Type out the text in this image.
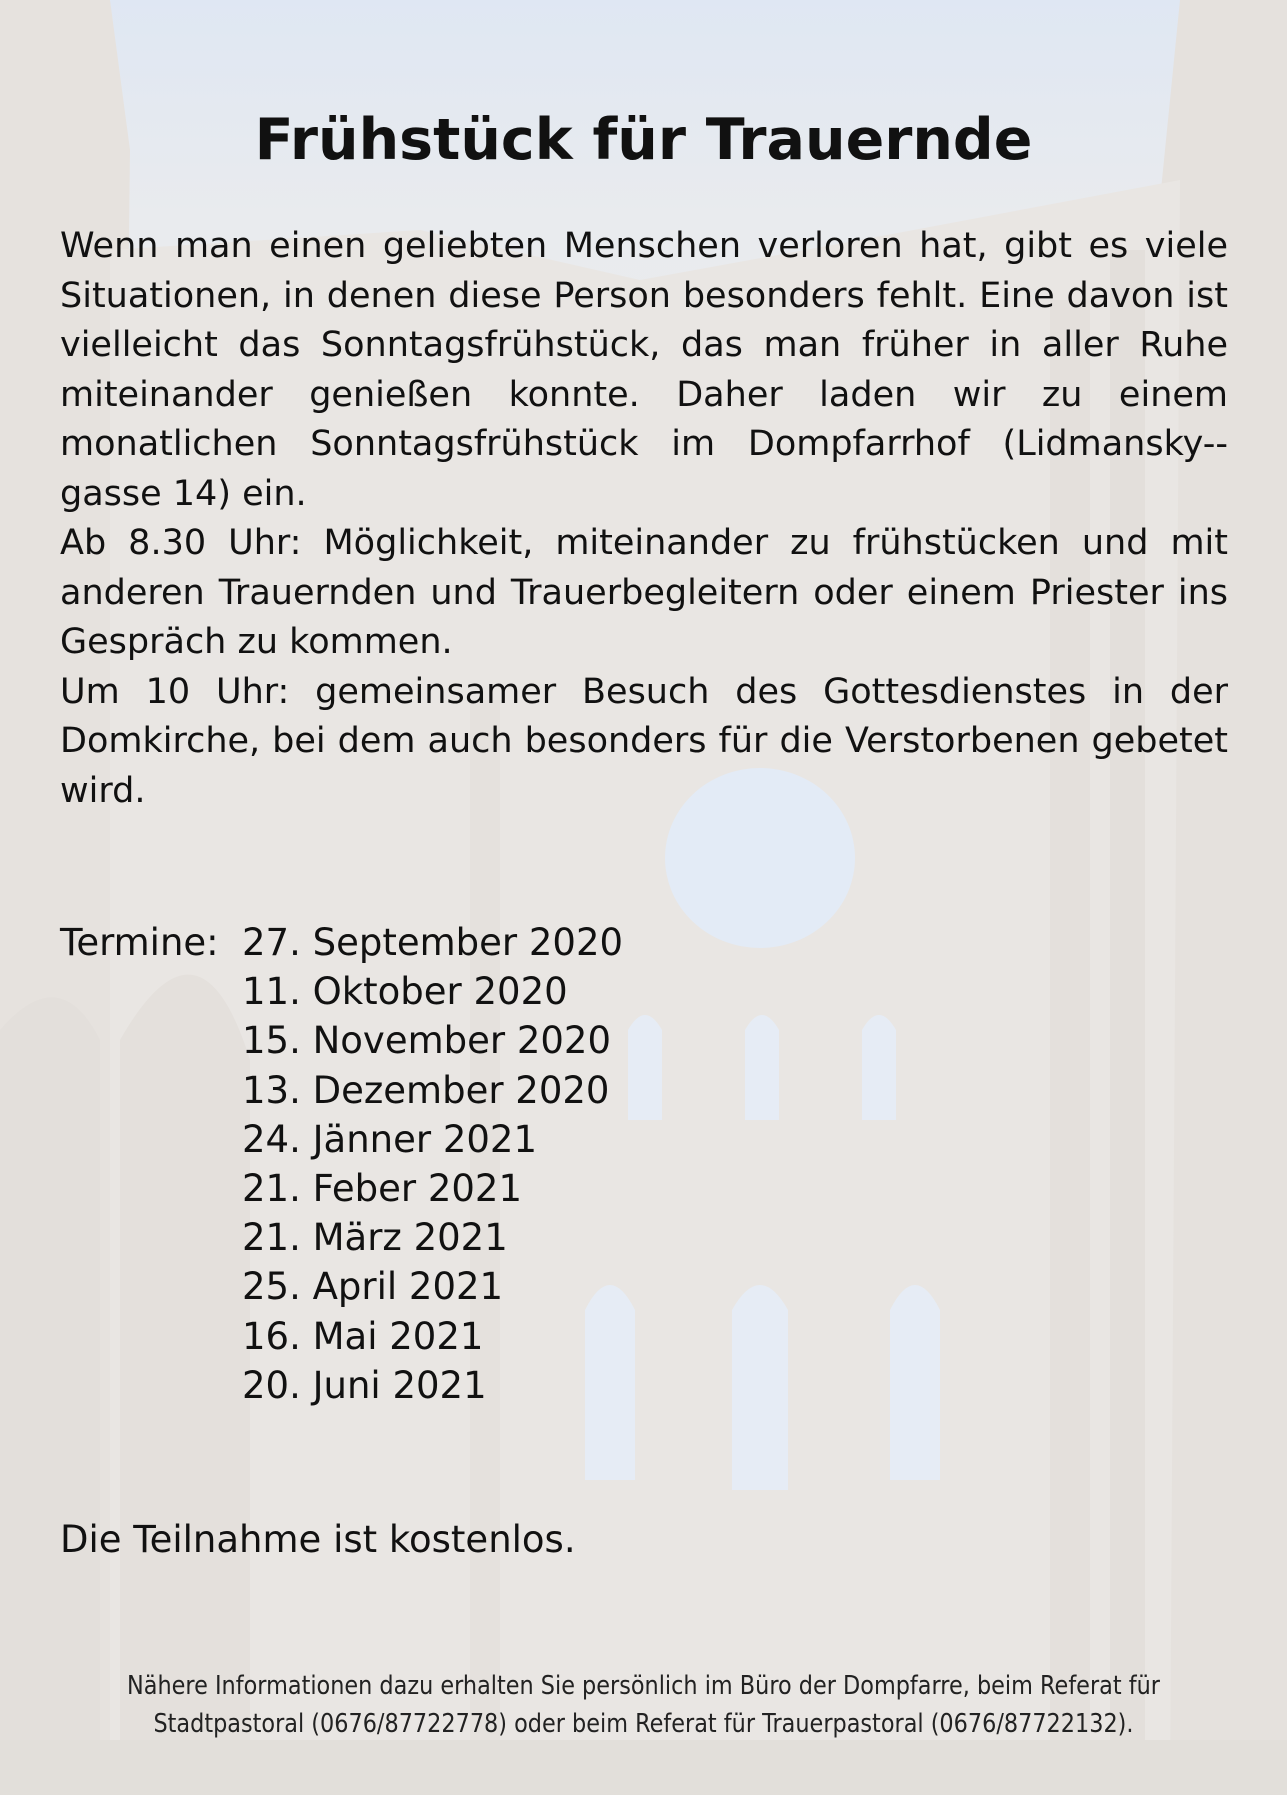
Frühstück für Trauernde

Wenn man einen geliebten Menschen verloren hat, gibt es viele Situationen, in denen diese Person besonders fehlt. Eine davon ist vielleicht das Sonntagsfrühstück, das man früher in aller Ruhe miteinander genießen konnte. Daher laden wir zu einem monatlichen Sonntagsfrühstück im Dompfarrhof (Lidmansky-gasse 14) ein.

Ab 8.30 Uhr: Möglichkeit, miteinander zu frühstücken und mit anderen Trauernden und Trauerbegleitern oder einem Priester ins Gespräch zu kommen.

Um 10 Uhr: gemeinsamer Besuch des Gottesdienstes in der Domkirche, bei dem auch besonders für die Verstorbenen gebetet wird.

Termine: 27. September 2020
11. Oktober 2020
15. November 2020
13. Dezember 2020
24. Jänner 2021
21. Feber 2021
21. März 2021
25. April 2021
16. Mai 2021
20. Juni 2021
Die Teilnahme ist kostenlos.

Nähere Informationen dazu erhalten Sie persönlich im Büro der Dompfarre, beim Referat für

Stadtpastoral (0676/87722778) oder beim Referat für Trauerpastoral (0676/87722132).
